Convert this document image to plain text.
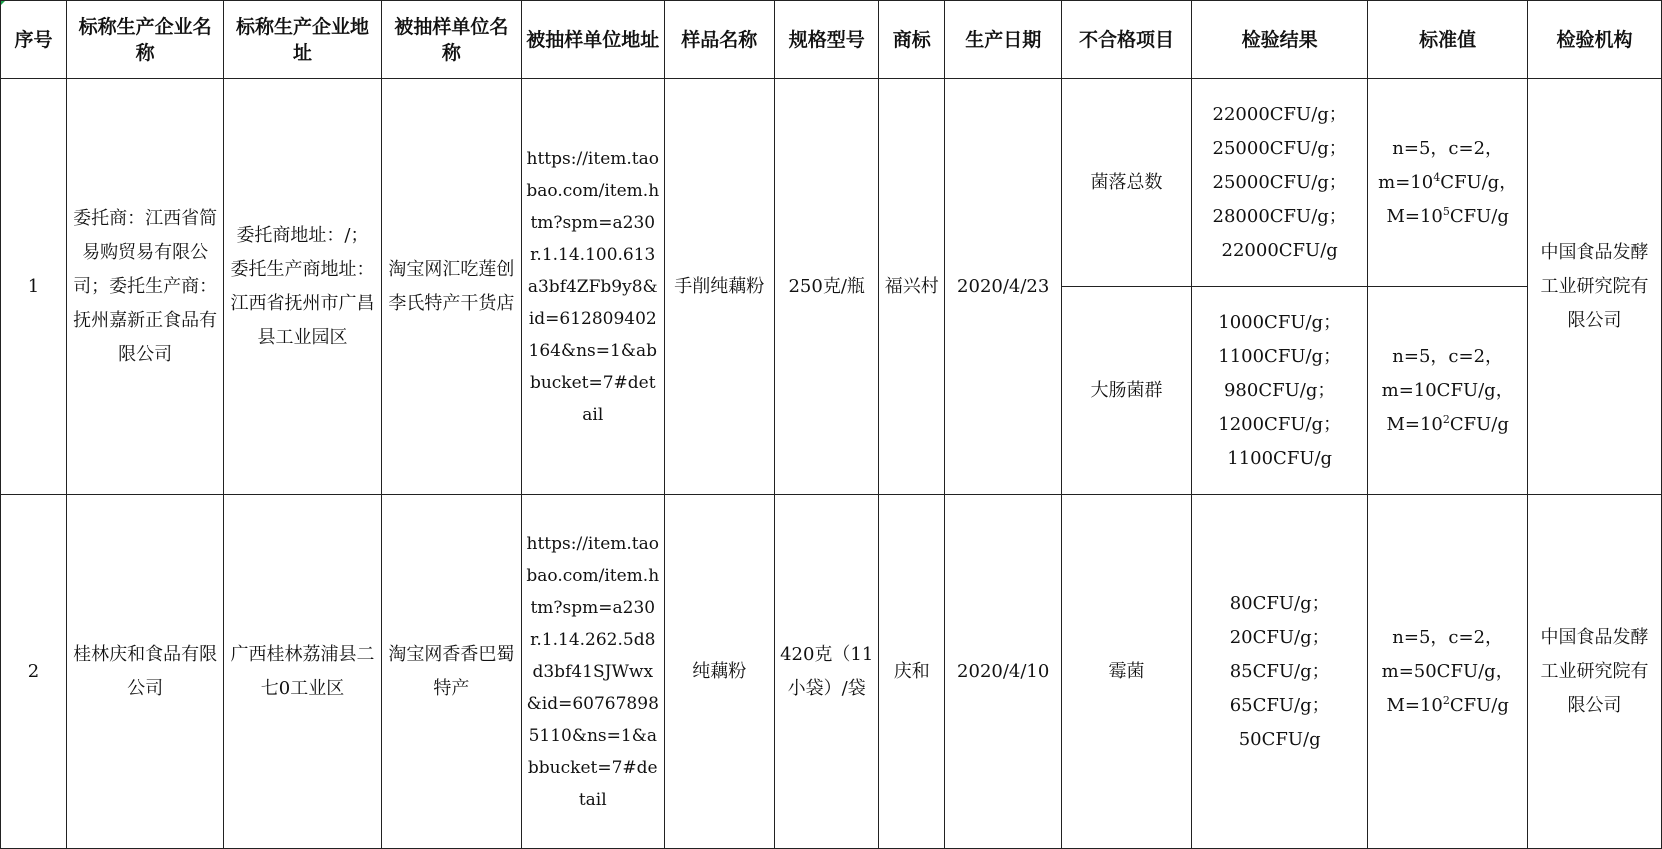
序号	标称生产企业名称	标称生产企业地址	被抽样单位名称	被抽样单位地址	样品名称	规格型号	商标	生产日期	不合格项目	检验结果	标准值	检验机构
1	委托商：江西省简易购贸易有限公司；委托生产商：抚州嘉新正食品有限公司	委托商地址：/；委托生产商地址：江西省抚州市广昌县工业园区	淘宝网汇吃莲创李氏特产干货店	https://item.taobao.com/item.htm?spm=a230r.1.14.100.613a3bf4ZFb9y8&id=612809402164&ns=1&abbucket=7#detail	手削纯藕粉	250克/瓶	福兴村	2020/4/23	菌落总数	22000CFU/g；
25000CFU/g；
25000CFU/g；
28000CFU/g；
22000CFU/g	n=5，c=2，
$m=10^4CFU/g$，
$M=10^5CFU/g$	中国食品发酵工业研究院有限公司
									大肠菌群	1000CFU/g；
1100CFU/g；
980CFU/g；
1200CFU/g；
1100CFU/g	n=5，c=2，
m=10CFU/g，
$M=10^2CFU/g$	

2	桂林庆和食品有限公司	广西桂林荔浦县二七0工业区	淘宝网香香巴蜀特产	https://item.taobao.com/item.htm?spm=a230r.1.14.262.5d8d3bf41SJWwx&id=607678985110&ns=1&abbucket=7#detail	纯藕粉	420克（11小袋）/袋	庆和	2020/4/10	霉菌	80CFU/g；
20CFU/g；
85CFU/g；
65CFU/g；
50CFU/g	n=5，c=2，
m=50CFU/g，
$M=10^2CFU/g$	中国食品发酵工业研究院有限公司
